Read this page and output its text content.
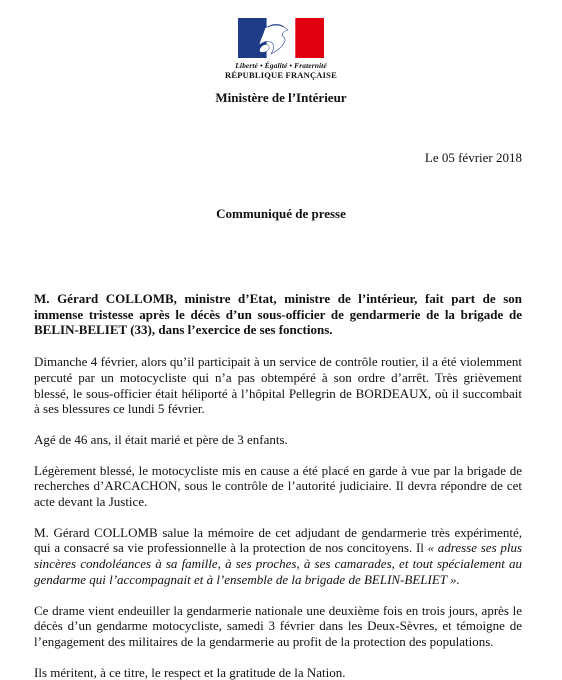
Liberté • Égalité • Fraternité
RÉPUBLIQUE FRANÇAISE
Ministère de l’Intérieur
Le 05 février 2018
Communiqué de presse

M. Gérard COLLOMB, ministre d’Etat, ministre de l’intérieur, fait part de son immense tristesse après le décès d’un sous-officier de gendarmerie de la brigade de BELIN-BELIET (33), dans l’exercice de ses fonctions.

Dimanche 4 février, alors qu’il participait à un service de contrôle routier, il a été violemment percuté par un motocycliste qui n’a pas obtempéré à son ordre d’arrêt. Très grièvement blessé, le sous-officier était héliporté à l’hôpital Pellegrin de BORDEAUX, où il succombait à ses blessures ce lundi 5 février.

Agé de 46 ans, il était marié et père de 3 enfants.

Légèrement blessé, le motocycliste mis en cause a été placé en garde à vue par la brigade de recherches d’ARCACHON, sous le contrôle de l’autorité judiciaire. Il devra répondre de cet acte devant la Justice.

M. Gérard COLLOMB salue la mémoire de cet adjudant de gendarmerie très expérimenté, qui a consacré sa vie professionnelle à la protection de nos concitoyens. Il « adresse ses plus sincères condoléances à sa famille, à ses proches, à ses camarades, et tout spécialement au gendarme qui l’accompagnait et à l’ensemble de la brigade de BELIN-BELIET ».

Ce drame vient endeuiller la gendarmerie nationale une deuxième fois en trois jours, après le décès d’un gendarme motocycliste, samedi 3 février dans les Deux-Sèvres, et témoigne de l’engagement des militaires de la gendarmerie au profit de la protection des populations.

Ils méritent, à ce titre, le respect et la gratitude de la Nation.
